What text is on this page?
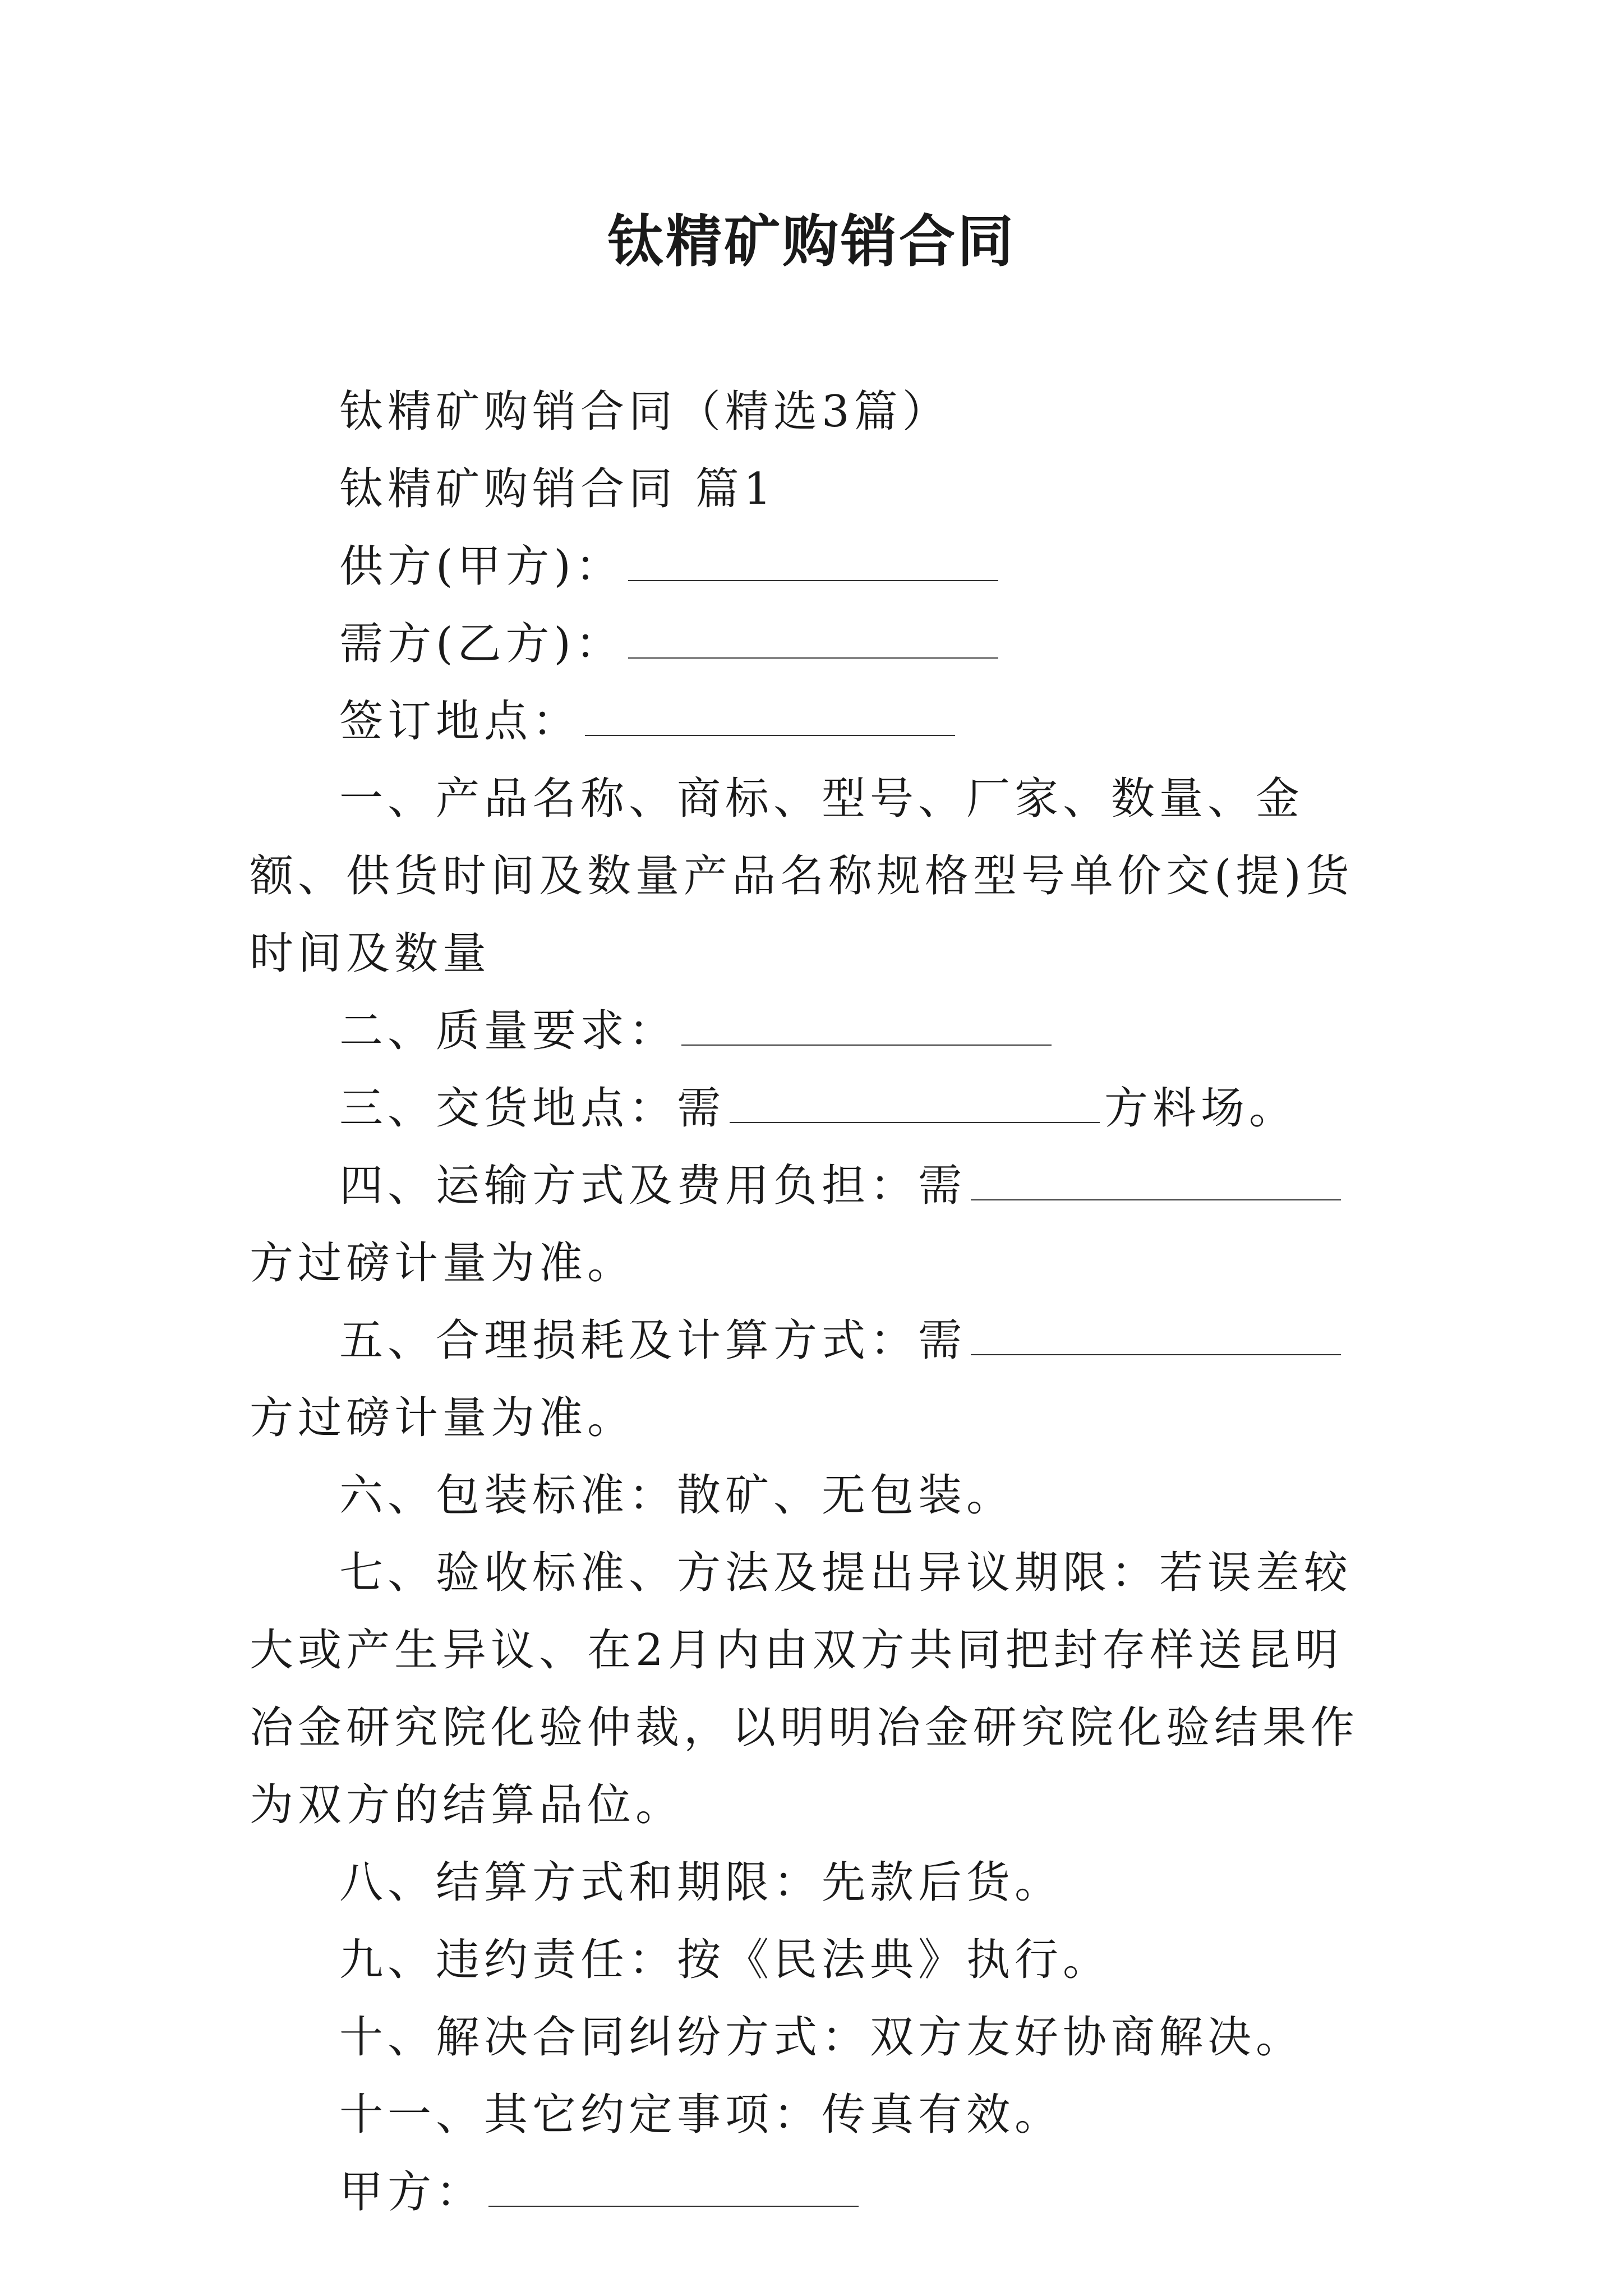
钛精矿购销合同
钛精矿购销合同（精选3篇）
钛精矿购销合同 篇1
供方(甲方)：
需方(乙方)：
签订地点：
一、产品名称、商标、型号、厂家、数量、金额、供货时间及数量产品名称规格型号单价交(提)货时间及数量
二、质量要求：
三、交货地点：需	方料场。
四、运输方式及费用负担：需方过磅计量为准。
五、合理损耗及计算方式：需方过磅计量为准。
六、包装标准：散矿、无包装。
七、验收标准、方法及提出异议期限：若误差较大或产生异议、在2月内由双方共同把封存样送昆明冶金研究院化验仲裁，以明明冶金研究院化验结果作为双方的结算品位。
八、结算方式和期限：先款后货。
九、违约责任：按《民法典》执行。
十、解决合同纠纷方式：双方友好协商解决。
十一、其它约定事项：传真有效。
甲方：
